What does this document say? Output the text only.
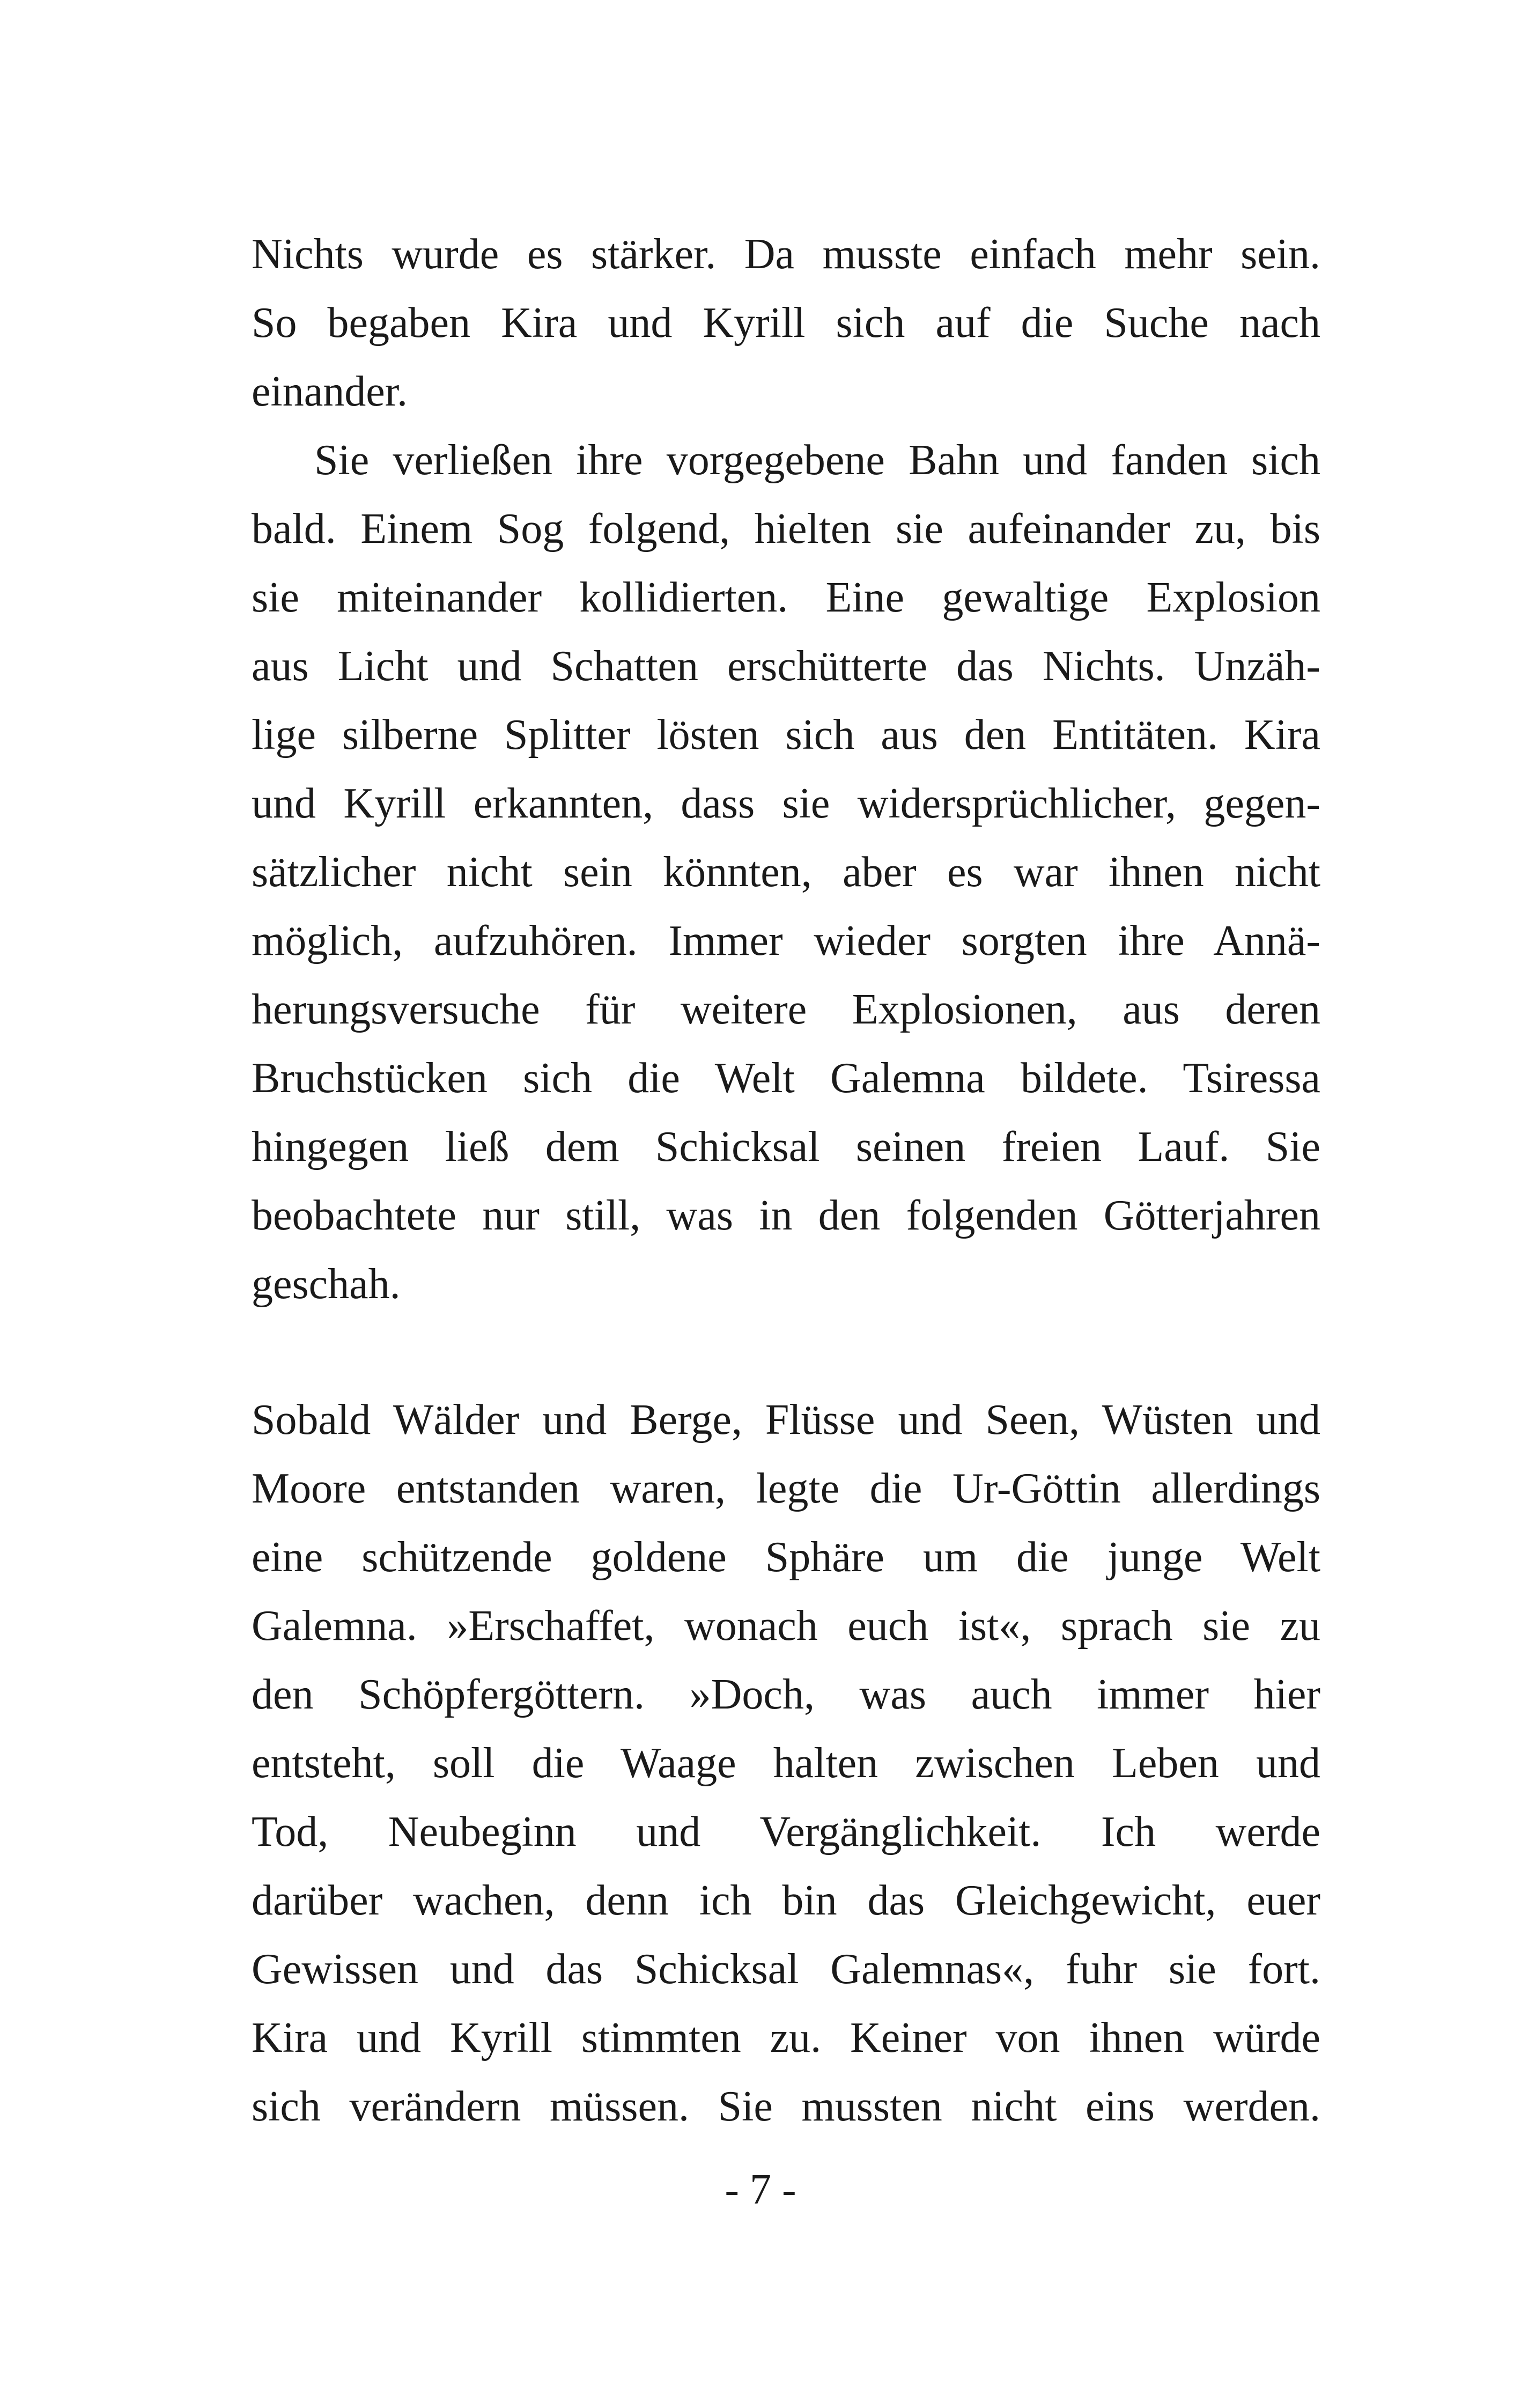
Nichts wurde es stärker. Da musste einfach mehr sein.
So begaben Kira und Kyrill sich auf die Suche nach
einander.
Sie verließen ihre vorgegebene Bahn und fanden sich
bald. Einem Sog folgend, hielten sie aufeinander zu, bis
sie miteinander kollidierten. Eine gewaltige Explosion
aus Licht und Schatten erschütterte das Nichts. Unzäh-
lige silberne Splitter lösten sich aus den Entitäten. Kira
und Kyrill erkannten, dass sie widersprüchlicher, gegen-
sätzlicher nicht sein könnten, aber es war ihnen nicht
möglich, aufzuhören. Immer wieder sorgten ihre Annä-
herungsversuche für weitere Explosionen, aus deren
Bruchstücken sich die Welt Galemna bildete. Tsiressa
hingegen ließ dem Schicksal seinen freien Lauf. Sie
beobachtete nur still, was in den folgenden Götterjahren
geschah.
Sobald Wälder und Berge, Flüsse und Seen, Wüsten und
Moore entstanden waren, legte die Ur-Göttin allerdings
eine schützende goldene Sphäre um die junge Welt
Galemna. »Erschaffet, wonach euch ist«, sprach sie zu
den Schöpfergöttern. »Doch, was auch immer hier
entsteht, soll die Waage halten zwischen Leben und
Tod, Neubeginn und Vergänglichkeit. Ich werde
darüber wachen, denn ich bin das Gleichgewicht, euer
Gewissen und das Schicksal Galemnas«, fuhr sie fort.
Kira und Kyrill stimmten zu. Keiner von ihnen würde
sich verändern müssen. Sie mussten nicht eins werden.
- 7 -
